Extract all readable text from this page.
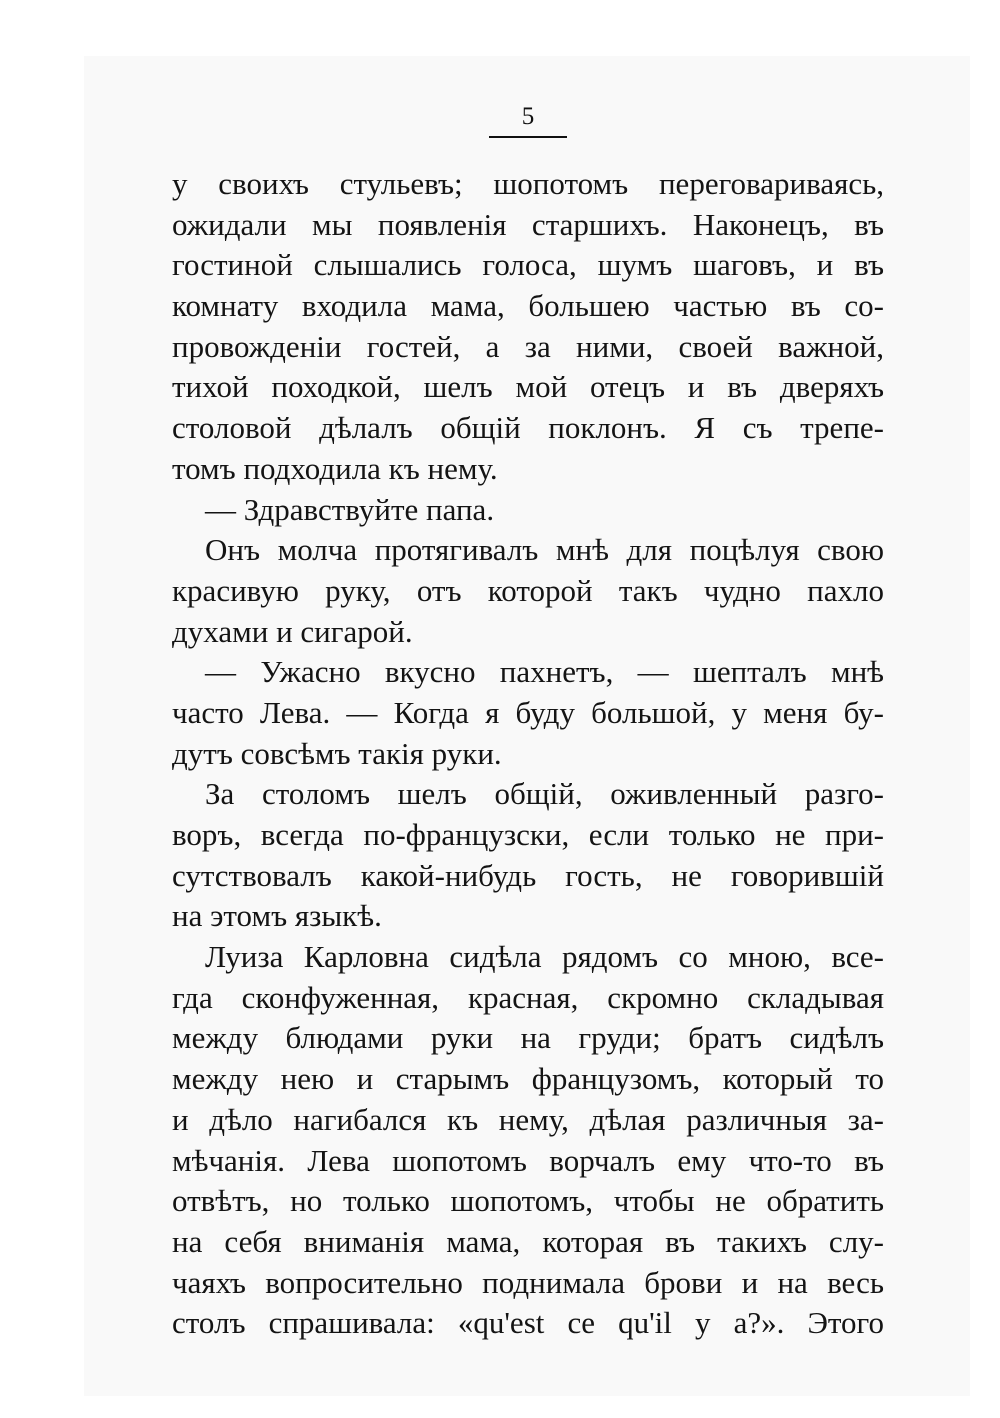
5
у своихъ стульевъ; шопотомъ переговариваясь,
ожидали мы появленія старшихъ. Наконецъ, въ
гостиной слышались голоса, шумъ шаговъ, и въ
комнату входила мама, большею частью въ со-
провожденіи гостей, а за ними, своей важной,
тихой походкой, шелъ мой отецъ и въ дверяхъ
столовой дѣлалъ общій поклонъ. Я съ трепе-
томъ подходила къ нему.
— Здравствуйте папа.
Онъ молча протягивалъ мнѣ для поцѣлуя свою
красивую руку, отъ которой такъ чудно пахло
духами и сигарой.
— Ужасно вкусно пахнетъ, — шепталъ мнѣ
часто Лева. — Когда я буду большой, у меня бу-
дутъ совсѣмъ такія руки.
За столомъ шелъ общій, оживленный разго-
воръ, всегда по-французски, если только не при-
сутствовалъ какой-нибудь гость, не говорившій
на этомъ языкѣ.
Луиза Карловна сидѣла рядомъ со мною, все-
гда сконфуженная, красная, скромно складывая
между блюдами руки на груди; братъ сидѣлъ
между нею и старымъ французомъ, который то
и дѣло нагибался къ нему, дѣлая различныя за-
мѣчанія. Лева шопотомъ ворчалъ ему что-то въ
отвѣтъ, но только шопотомъ, чтобы не обратить
на себя вниманія мама, которая въ такихъ слу-
чаяхъ вопросительно поднимала брови и на весь
столъ спрашивала: «qu'est ce qu'il y a?». Этого
